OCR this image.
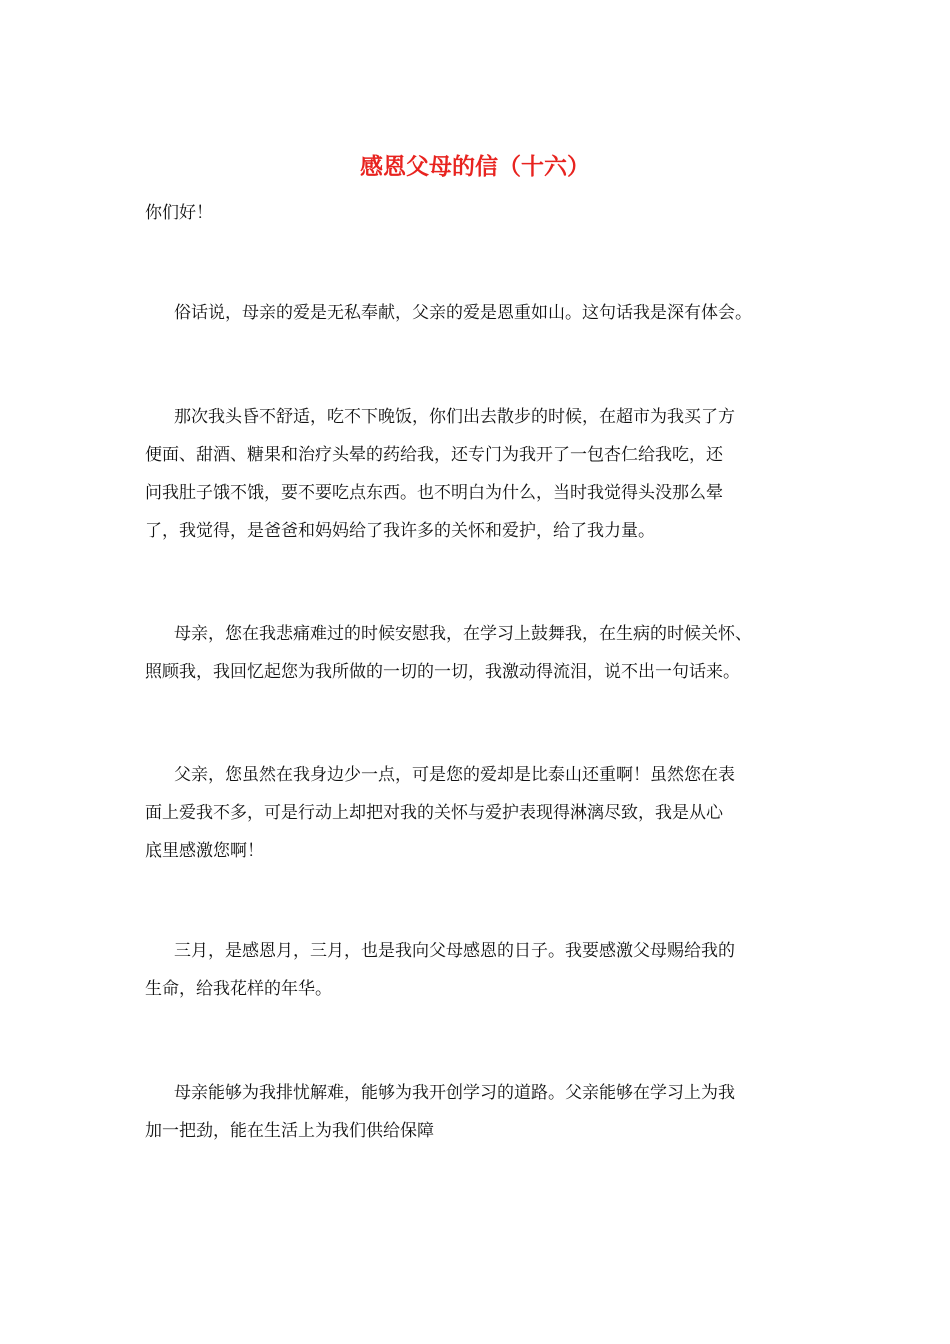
感恩父母的信（十六）

你们好！

俗话说，母亲的爱是无私奉献，父亲的爱是恩重如山。这句话我是深有体会。

那次我头昏不舒适，吃不下晚饭，你们出去散步的时候，在超市为我买了方
便面、甜酒、糖果和治疗头晕的药给我，还专门为我开了一包杏仁给我吃，还
问我肚子饿不饿，要不要吃点东西。也不明白为什么，当时我觉得头没那么晕
了，我觉得，是爸爸和妈妈给了我许多的关怀和爱护，给了我力量。

母亲，您在我悲痛难过的时候安慰我，在学习上鼓舞我，在生病的时候关怀、
照顾我，我回忆起您为我所做的一切的一切，我激动得流泪，说不出一句话来。

父亲，您虽然在我身边少一点，可是您的爱却是比泰山还重啊！虽然您在表
面上爱我不多，可是行动上却把对我的关怀与爱护表现得淋漓尽致，我是从心
底里感激您啊！

三月，是感恩月，三月，也是我向父母感恩的日子。我要感激父母赐给我的
生命，给我花样的年华。

母亲能够为我排忧解难，能够为我开创学习的道路。父亲能够在学习上为我
加一把劲，能在生活上为我们供给保障
